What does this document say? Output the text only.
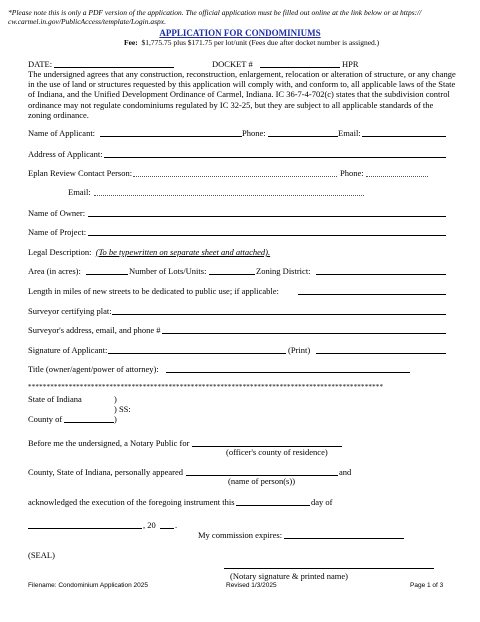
*Please note this is only a PDF version of the application. The official application must be filled out online at the link below or at https://
cw.carmel.in.gov/PublicAccess/template/Login.aspx.
APPLICATION FOR CONDOMINIUMS
Fee: $1,775.75 plus $171.75 per lot/unit (Fees due after docket number is assigned.)
DATE:	DOCKET #	HPR
The undersigned agrees that any construction, reconstruction, enlargement, relocation or alteration of structure, or any change in the use of land or structures requested by this application will comply with, and conform to, all applicable laws of the State of Indiana, and the Unified Development Ordinance of Carmel, Indiana. IC 36-7-4-702(c) states that the subdivision control ordinance may not regulate condominiums regulated by IC 32-25, but they are subject to all applicable standards of the zoning ordinance.
Name of Applicant:	Phone:	Email:
Address of Applicant:
Eplan Review Contact Person:	Phone:
Email:
Name of Owner:
Name of Project:
Legal Description: (To be typewritten on separate sheet and attached).
Area (in acres):	Number of Lots/Units:	Zoning District:
Length in miles of new streets to be dedicated to public use; if applicable:
Surveyor certifying plat:
Surveyor's address, email, and phone #
Signature of Applicant:	(Print)
Title (owner/agent/power of attorney):
************************************************************************************************
State of Indiana	)
) SS:
County of	)
Before me the undersigned, a Notary Public for
(officer's county of residence)
County, State of Indiana, personally appeared	and
(name of person(s))
acknowledged the execution of the foregoing instrument this	day of
, 20 .
My commission expires:
(SEAL)
(Notary signature & printed name)
Filename: Condominium Application 2025	Revised 1/3/2025	Page 1 of 3
